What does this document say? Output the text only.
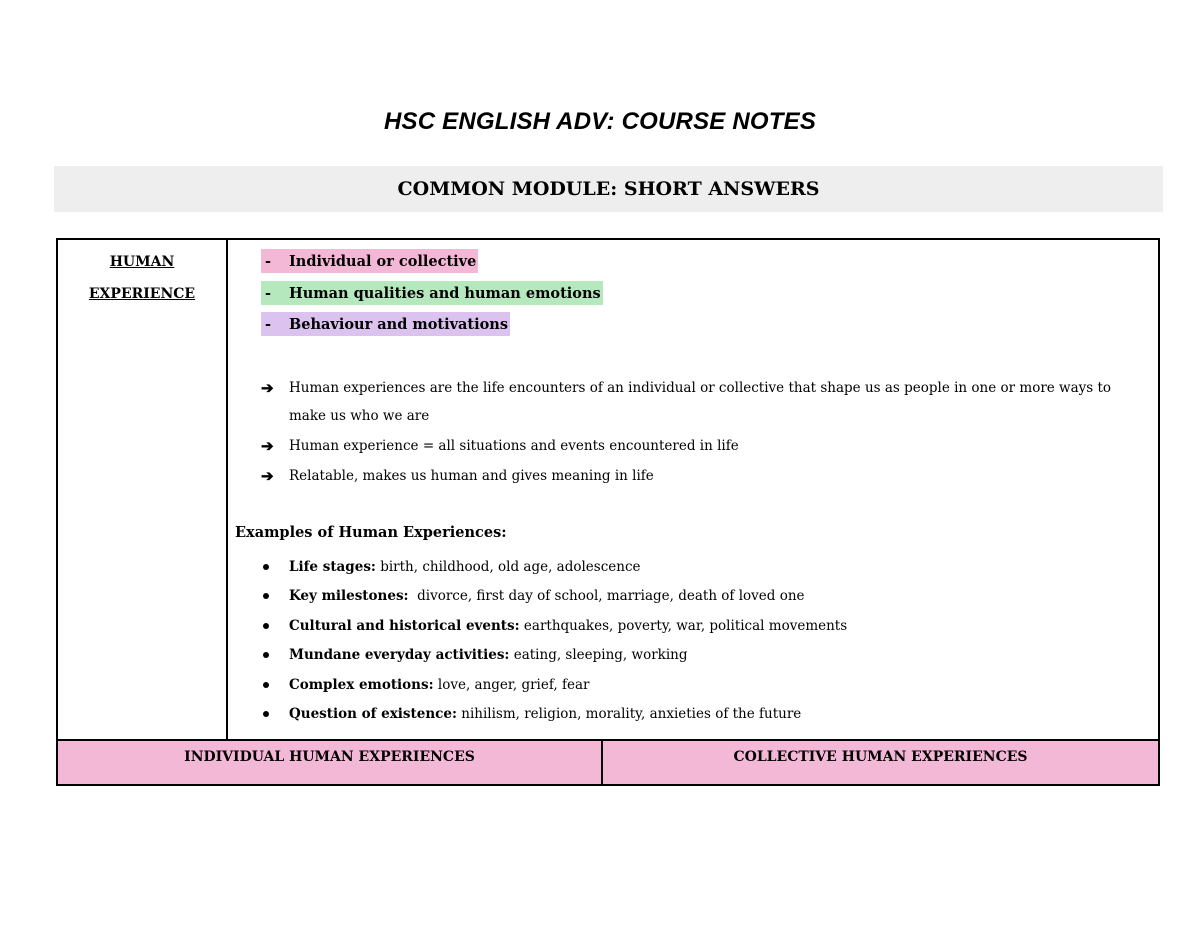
HSC ENGLISH ADV: COURSE NOTES
COMMON MODULE: SHORT ANSWERS
HUMAN
EXPERIENCE
-	Individual or collective
-	Human qualities and human emotions
-	Behaviour and motivations
➔ Human experiences are the life encounters of an individual or collective that shape us as people in one or more ways to make us who we are
➔ Human experience = all situations and events encountered in life
➔ Relatable, makes us human and gives meaning in life
Examples of Human Experiences:
Life stages: birth, childhood, old age, adolescence
Key milestones:  divorce, first day of school, marriage, death of loved one
Cultural and historical events: earthquakes, poverty, war, political movements
Mundane everyday activities: eating, sleeping, working
Complex emotions: love, anger, grief, fear
Question of existence: nihilism, religion, morality, anxieties of the future
INDIVIDUAL HUMAN EXPERIENCES	COLLECTIVE HUMAN EXPERIENCES
